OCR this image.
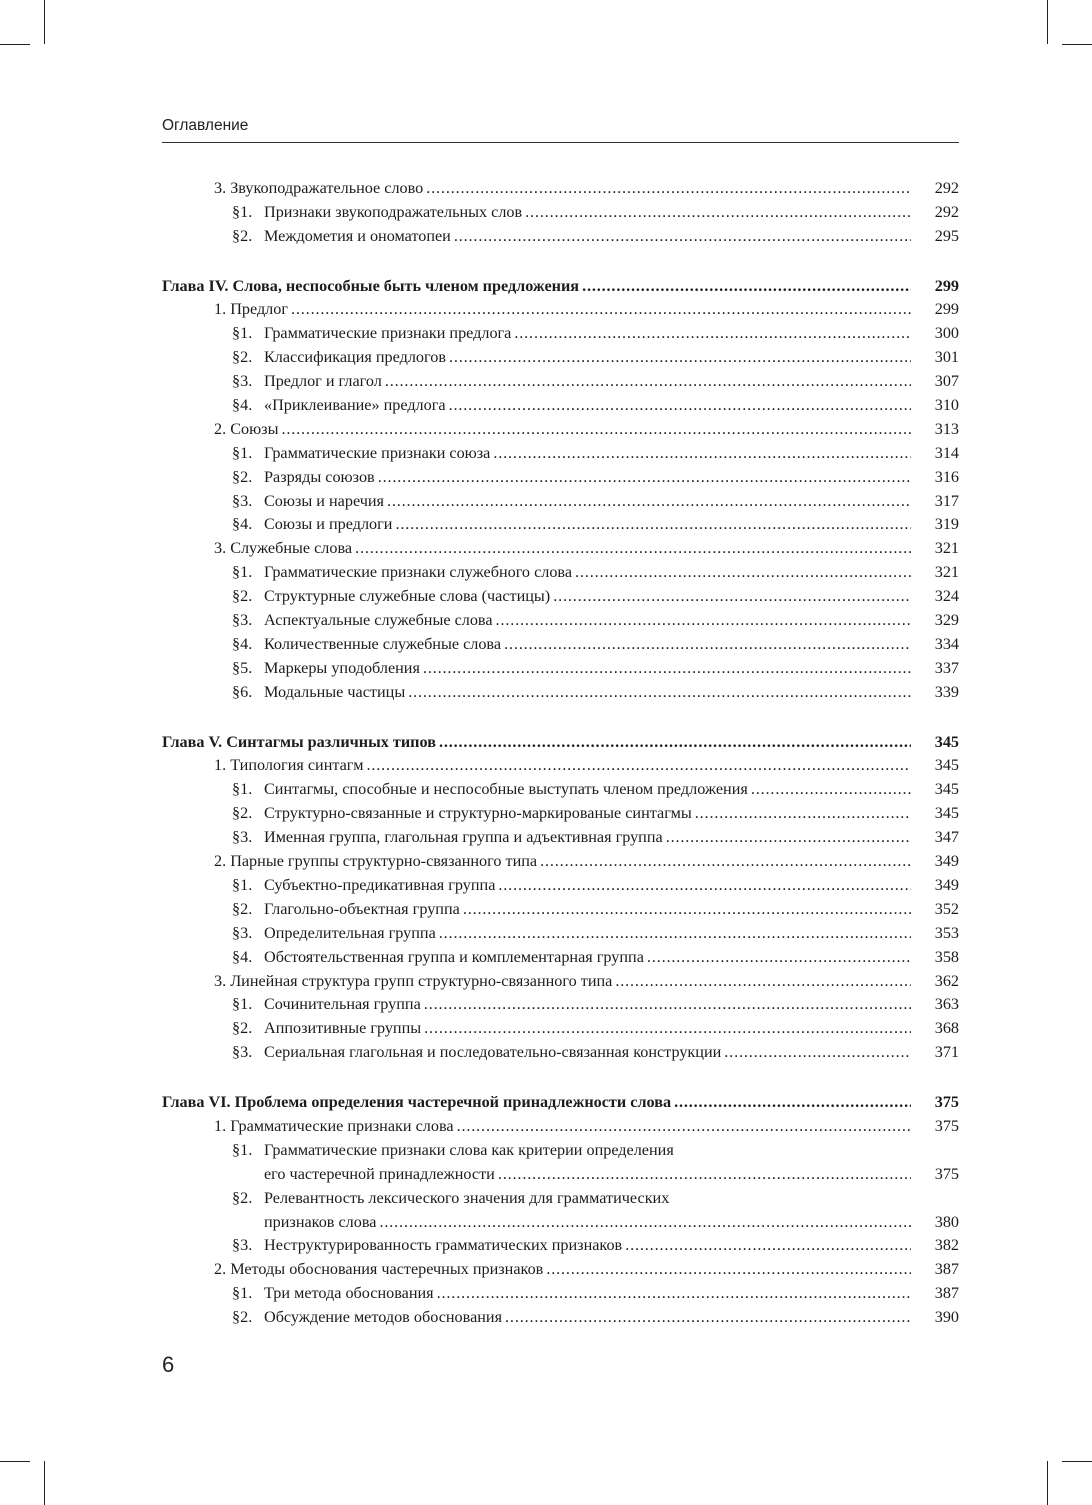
Оглавление
3. Звукоподражательное слово . . .	292
§1. Признаки звукоподражательных слов . . .	292
§2. Междометия и ономатопеи . . .	295
Глава IV. Слова, неспособные быть членом предложения . . .	299
1. Предлог . . .	299
§1. Грамматические признаки предлога . . .	300
§2. Классификация предлогов . . .	301
§3. Предлог и глагол . . .	307
§4. «Приклеивание» предлога . . .	310
2. Союзы . . .	313
§1. Грамматические признаки союза . . .	314
§2. Разряды союзов . . .	316
§3. Союзы и наречия . . .	317
§4. Союзы и предлоги . . .	319
3. Служебные слова . . .	321
§1. Грамматические признаки служебного слова . . .	321
§2. Структурные служебные слова (частицы) . . .	324
§3. Аспектуальные служебные слова . . .	329
§4. Количественные служебные слова . . .	334
§5. Маркеры уподобления . . .	337
§6. Модальные частицы . . .	339
Глава V. Синтагмы различных типов . . .	345
1. Типология синтагм . . .	345
§1. Синтагмы, способные и неспособные выступать членом предложения . . .	345
§2. Структурно-связанные и структурно-маркированые синтагмы . . .	345
§3. Именная группа, глагольная группа и адъективная группа . . .	347
2. Парные группы структурно-связанного типа . . .	349
§1. Субъектно-предикативная группа . . .	349
§2. Глагольно-объектная группа . . .	352
§3. Определительная группа . . .	353
§4. Обстоятельственная группа и комплементарная группа . . .	358
3. Линейная структура групп структурно-связанного типа . . .	362
§1. Сочинительная группа . . .	363
§2. Аппозитивные группы . . .	368
§3. Сериальная глагольная и последовательно-связанная конструкции . . .	371
Глава VI. Проблема определения частеречной принадлежности слова . . .	375
1. Грамматические признаки слова . . .	375
§1. Грамматические признаки слова как критерии определения
его частеречной принадлежности . . .	375
§2. Релевантность лексического значения для грамматических
признаков слова . . .	380
§3. Неструктурированность грамматических признаков . . .	382
2. Методы обоснования частеречных признаков . . .	387
§1. Три метода обоснования . . .	387
§2. Обсуждение методов обоснования . . .	390
6
